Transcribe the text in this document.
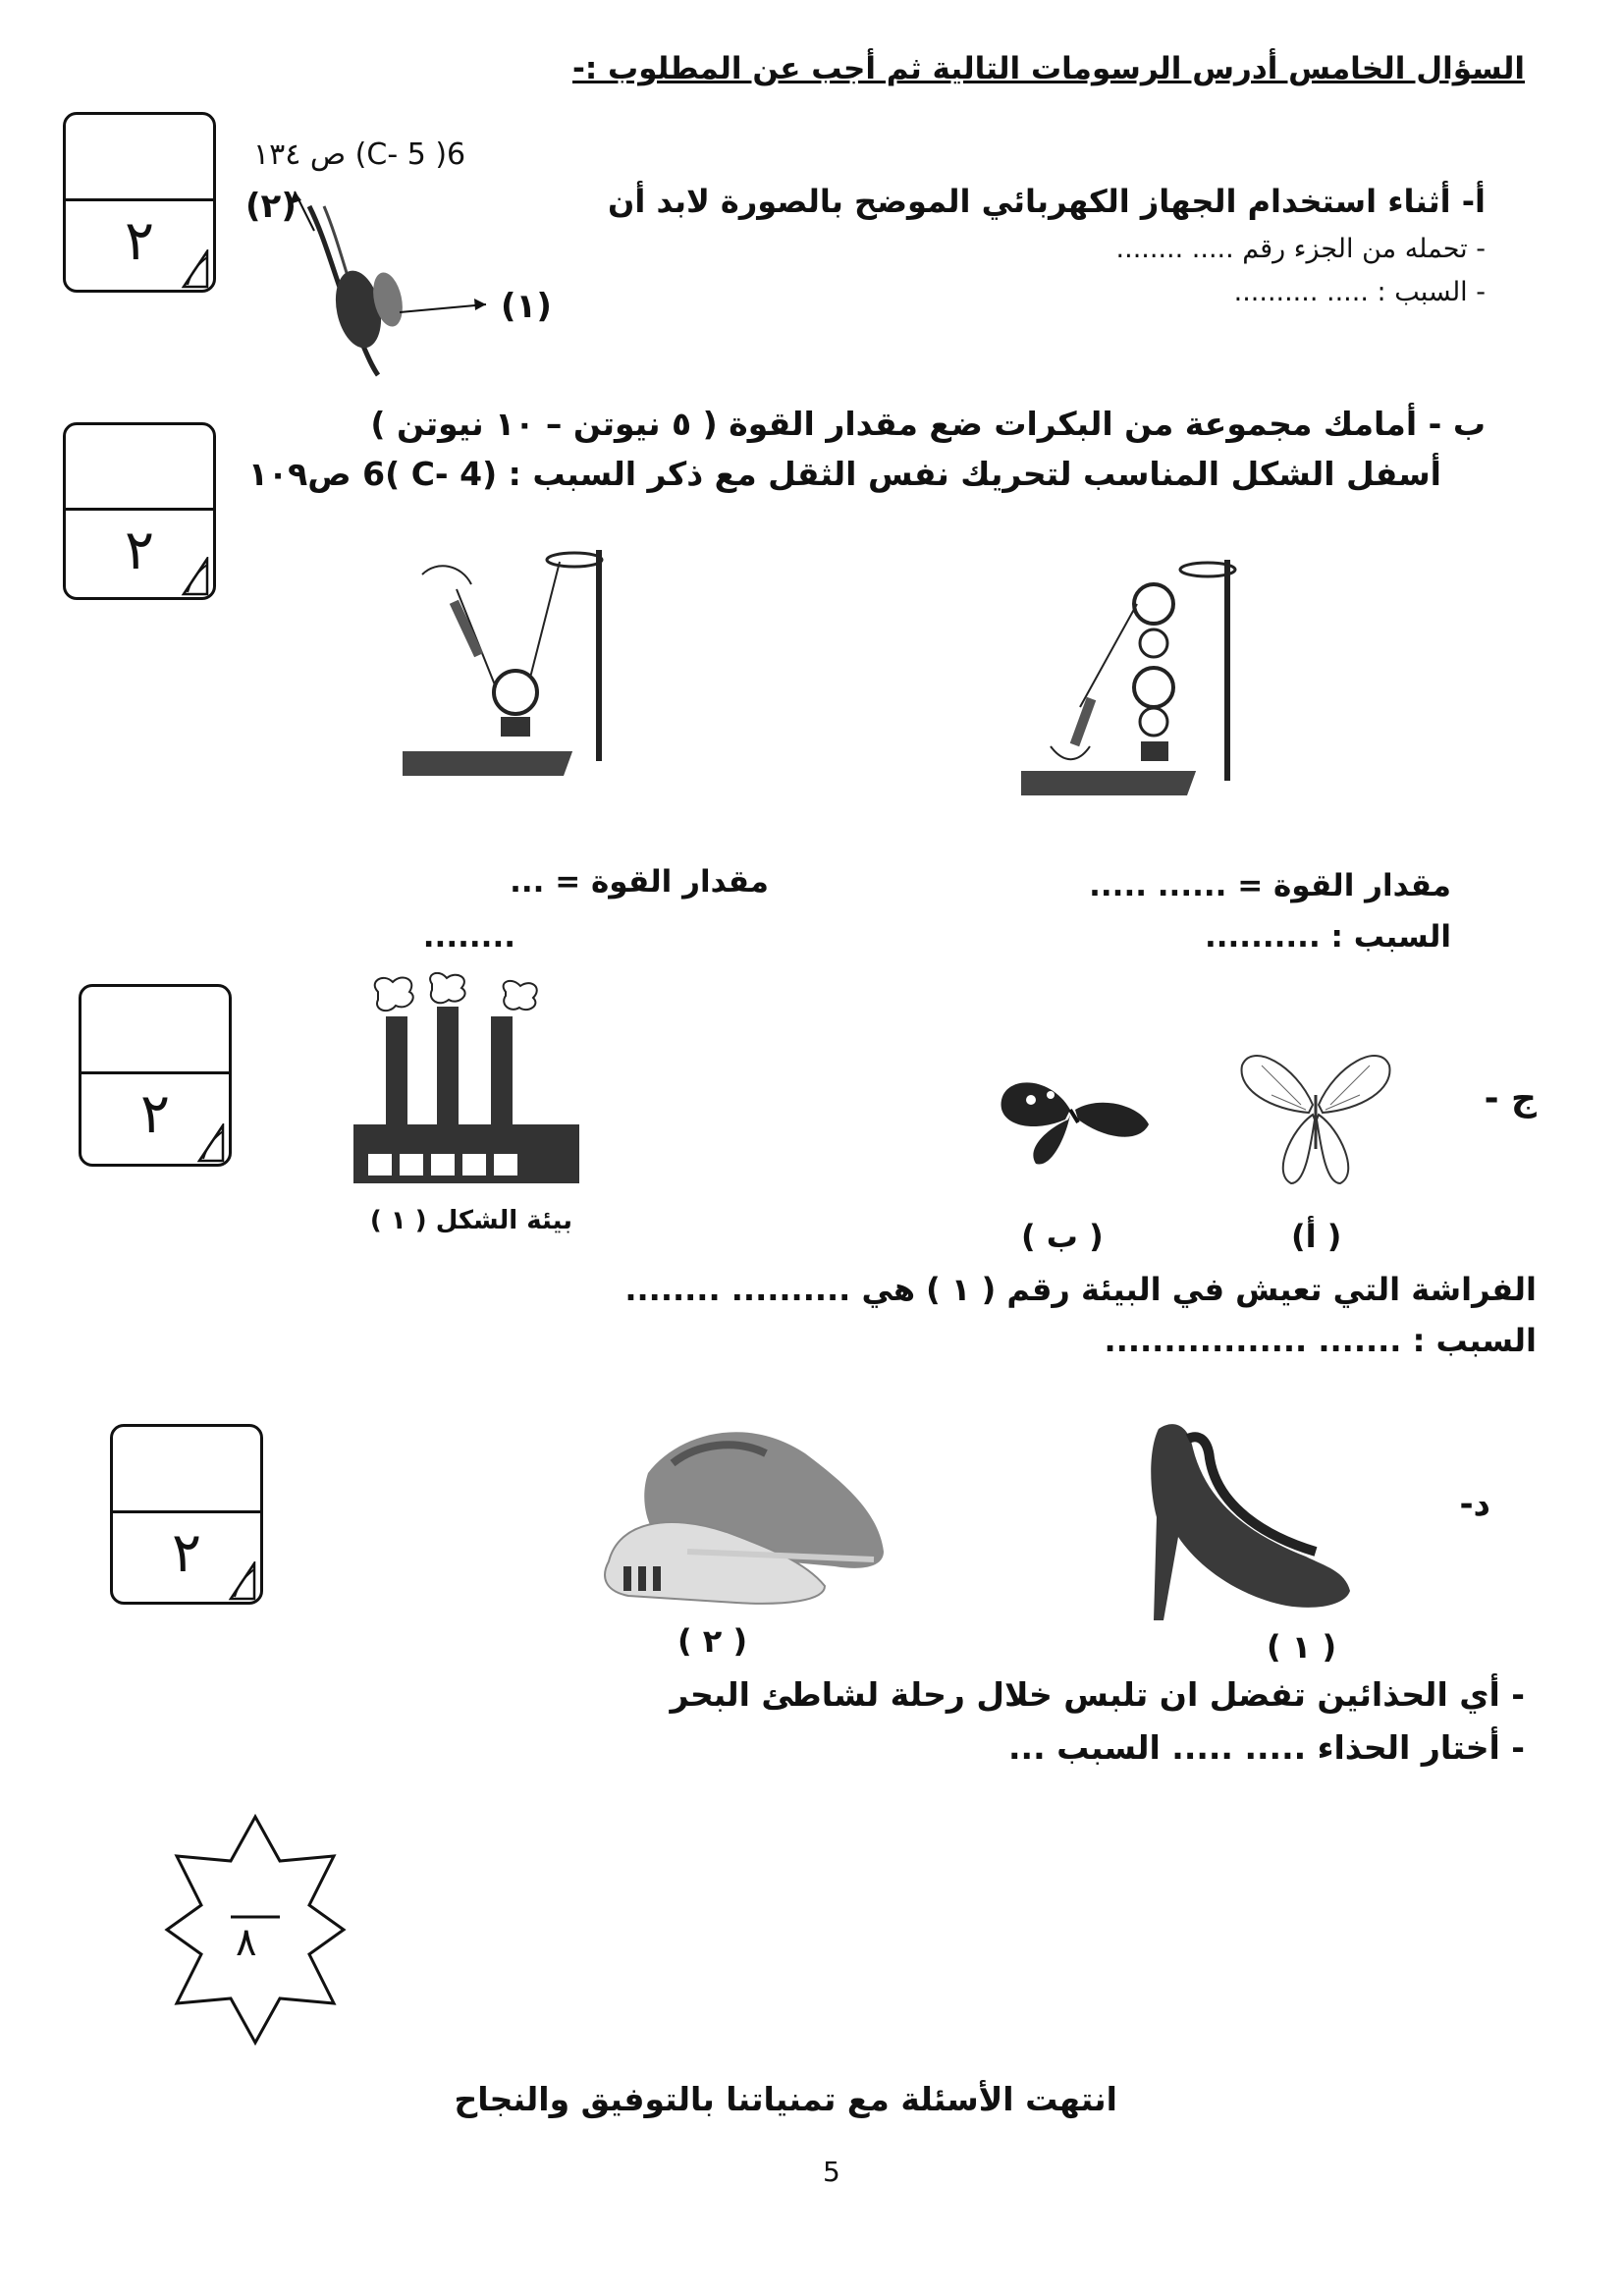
السؤال الخامس أدرس الرسومات التالية ثم أجب عن المطلوب :-
٢
6( C- 5) ص ١٣٤
أ- أثناء استخدام الجهاز الكهربائي الموضح بالصورة لابد أن
- تحمله من الجزء رقم ..... ........
- السبب : ..... ..........
(١)
(٢)
٢
ب - أمامك مجموعة من البكرات ضع مقدار القوة ( ٥ نيوتن – ١٠ نيوتن )
أسفل الشكل المناسب لتحريك نفس الثقل مع ذكر السبب : (4 -C )6 ص١٠٩
مقدار القوة = ...... .....
مقدار القوة = ...
السبب : ..........
........
٢
بيئة الشكل ( ١ )
ج -
( ب )	(أ )
الفراشة التي تعيش في البيئة رقم ( ١ ) هي .......... ........
السبب : ....... .................
٢
د-
( ٢ )	( ١ )
- أي الحذائين تفضل ان تلبس خلال رحلة لشاطئ البحر
- أختار الحذاء ..... ..... السبب ...
٨
انتهت الأسئلة مع تمنياتنا بالتوفيق والنجاح
5
